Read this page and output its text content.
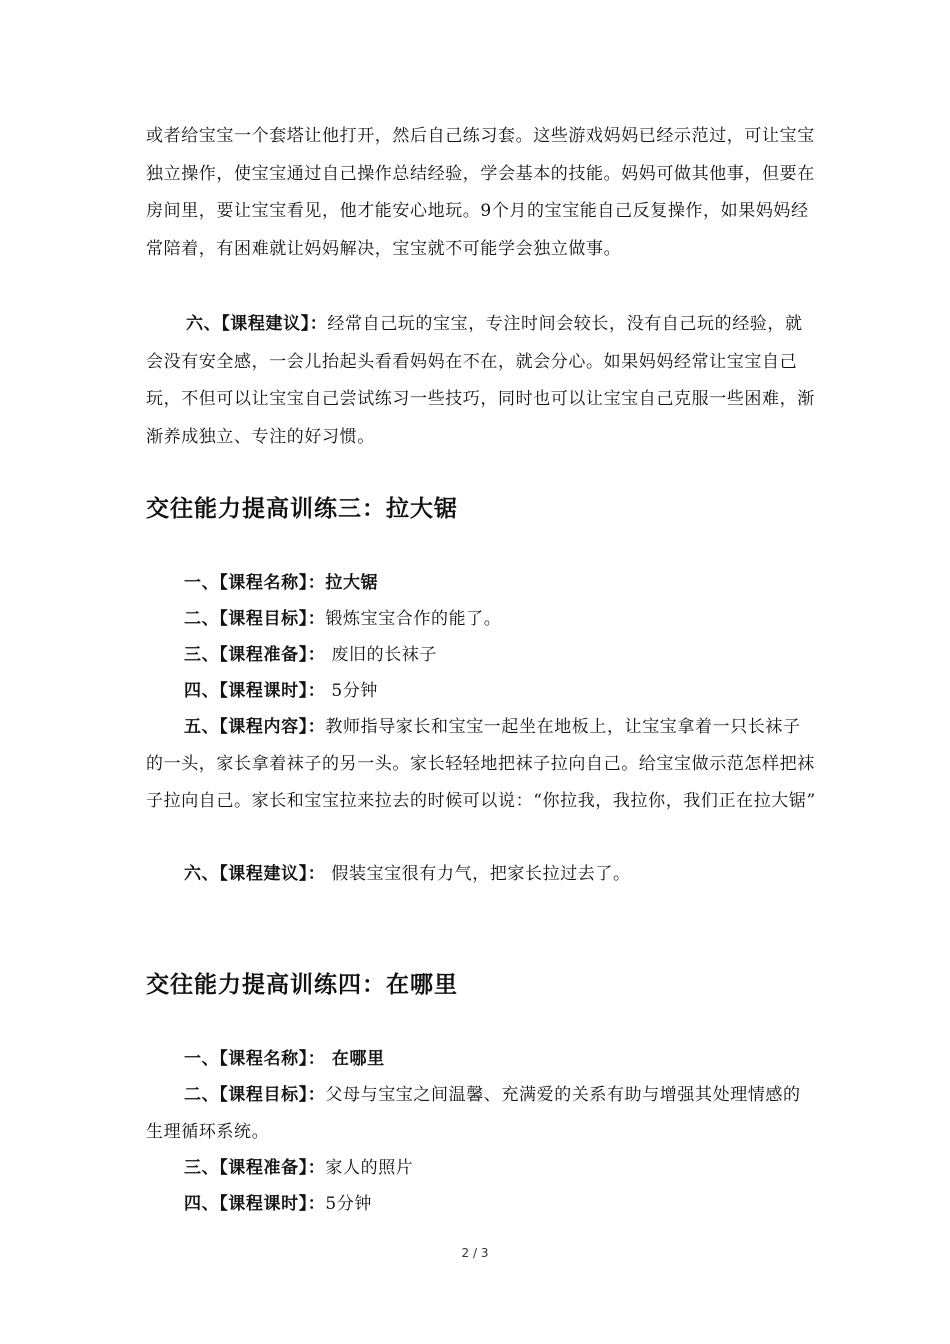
或者给宝宝一个套塔让他打开，然后自己练习套。这些游戏妈妈已经示范过，可让宝宝独立操作，使宝宝通过自己操作总结经验，学会基本的技能。妈妈可做其他事，但要在房间里，要让宝宝看见，他才能安心地玩。9个月的宝宝能自己反复操作，如果妈妈经常陪着，有困难就让妈妈解决，宝宝就不可能学会独立做事。
六、【课程建议】：经常自己玩的宝宝，专注时间会较长，没有自己玩的经验，就会没有安全感，一会儿抬起头看看妈妈在不在，就会分心。如果妈妈经常让宝宝自己玩，不但可以让宝宝自己尝试练习一些技巧，同时也可以让宝宝自己克服一些困难，渐渐养成独立、专注的好习惯。
交往能力提高训练三：拉大锯
一、【课程名称】：拉大锯
二、【课程目标】：锻炼宝宝合作的能了。
三、【课程准备】： 废旧的长袜子
四、【课程课时】： 5分钟
五、【课程内容】：教师指导家长和宝宝一起坐在地板上，让宝宝拿着一只长袜子的一头，家长拿着袜子的另一头。家长轻轻地把袜子拉向自己。给宝宝做示范怎样把袜子拉向自己。家长和宝宝拉来拉去的时候可以说：“你拉我，我拉你，我们正在拉大锯”
六、【课程建议】： 假装宝宝很有力气，把家长拉过去了。
交往能力提高训练四：在哪里
一、【课程名称】： 在哪里
二、【课程目标】：父母与宝宝之间温馨、充满爱的关系有助与增强其处理情感的生理循环系统。
三、【课程准备】：家人的照片
四、【课程课时】：5分钟
2 / 3
